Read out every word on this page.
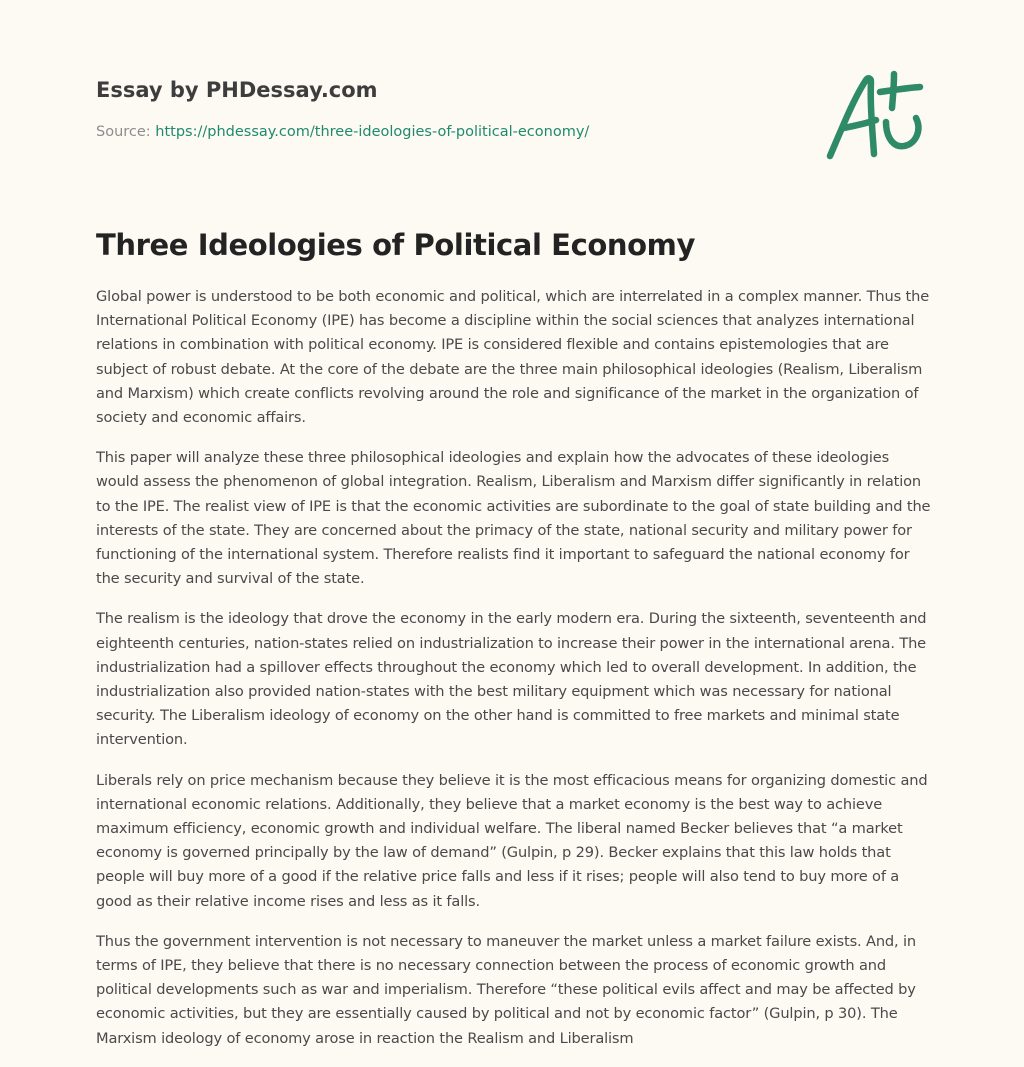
Essay by PHDessay.com

Source: https://phdessay.com/three-ideologies-of-political-economy/
Three Ideologies of Political Economy

Global power is understood to be both economic and political, which are interrelated in a complex manner. Thus the International Political Economy (IPE) has become a discipline within the social sciences that analyzes international relations in combination with political economy. IPE is considered flexible and contains epistemologies that are subject of robust debate. At the core of the debate are the three main philosophical ideologies (Realism, Liberalism and Marxism) which create conflicts revolving around the role and significance of the market in the organization of society and economic affairs.

This paper will analyze these three philosophical ideologies and explain how the advocates of these ideologies would assess the phenomenon of global integration. Realism, Liberalism and Marxism differ significantly in relation to the IPE. The realist view of IPE is that the economic activities are subordinate to the goal of state building and the interests of the state. They are concerned about the primacy of the state, national security and military power for functioning of the international system. Therefore realists find it important to safeguard the national economy for the security and survival of the state.

The realism is the ideology that drove the economy in the early modern era. During the sixteenth, seventeenth and eighteenth centuries, nation-states relied on industrialization to increase their power in the international arena. The industrialization had a spillover effects throughout the economy which led to overall development. In addition, the industrialization also provided nation-states with the best military equipment which was necessary for national security. The Liberalism ideology of economy on the other hand is committed to free markets and minimal state intervention.

Liberals rely on price mechanism because they believe it is the most efficacious means for organizing domestic and international economic relations. Additionally, they believe that a market economy is the best way to achieve maximum efficiency, economic growth and individual welfare. The liberal named Becker believes that “a market economy is governed principally by the law of demand” (Gulpin, p 29). Becker explains that this law holds that people will buy more of a good if the relative price falls and less if it rises; people will also tend to buy more of a good as their relative income rises and less as it falls.

Thus the government intervention is not necessary to maneuver the market unless a market failure exists. And, in terms of IPE, they believe that there is no necessary connection between the process of economic growth and political developments such as war and imperialism. Therefore “these political evils affect and may be affected by economic activities, but they are essentially caused by political and not by economic factor” (Gulpin, p 30). The Marxism ideology of economy arose in reaction the Realism and Liberalism
